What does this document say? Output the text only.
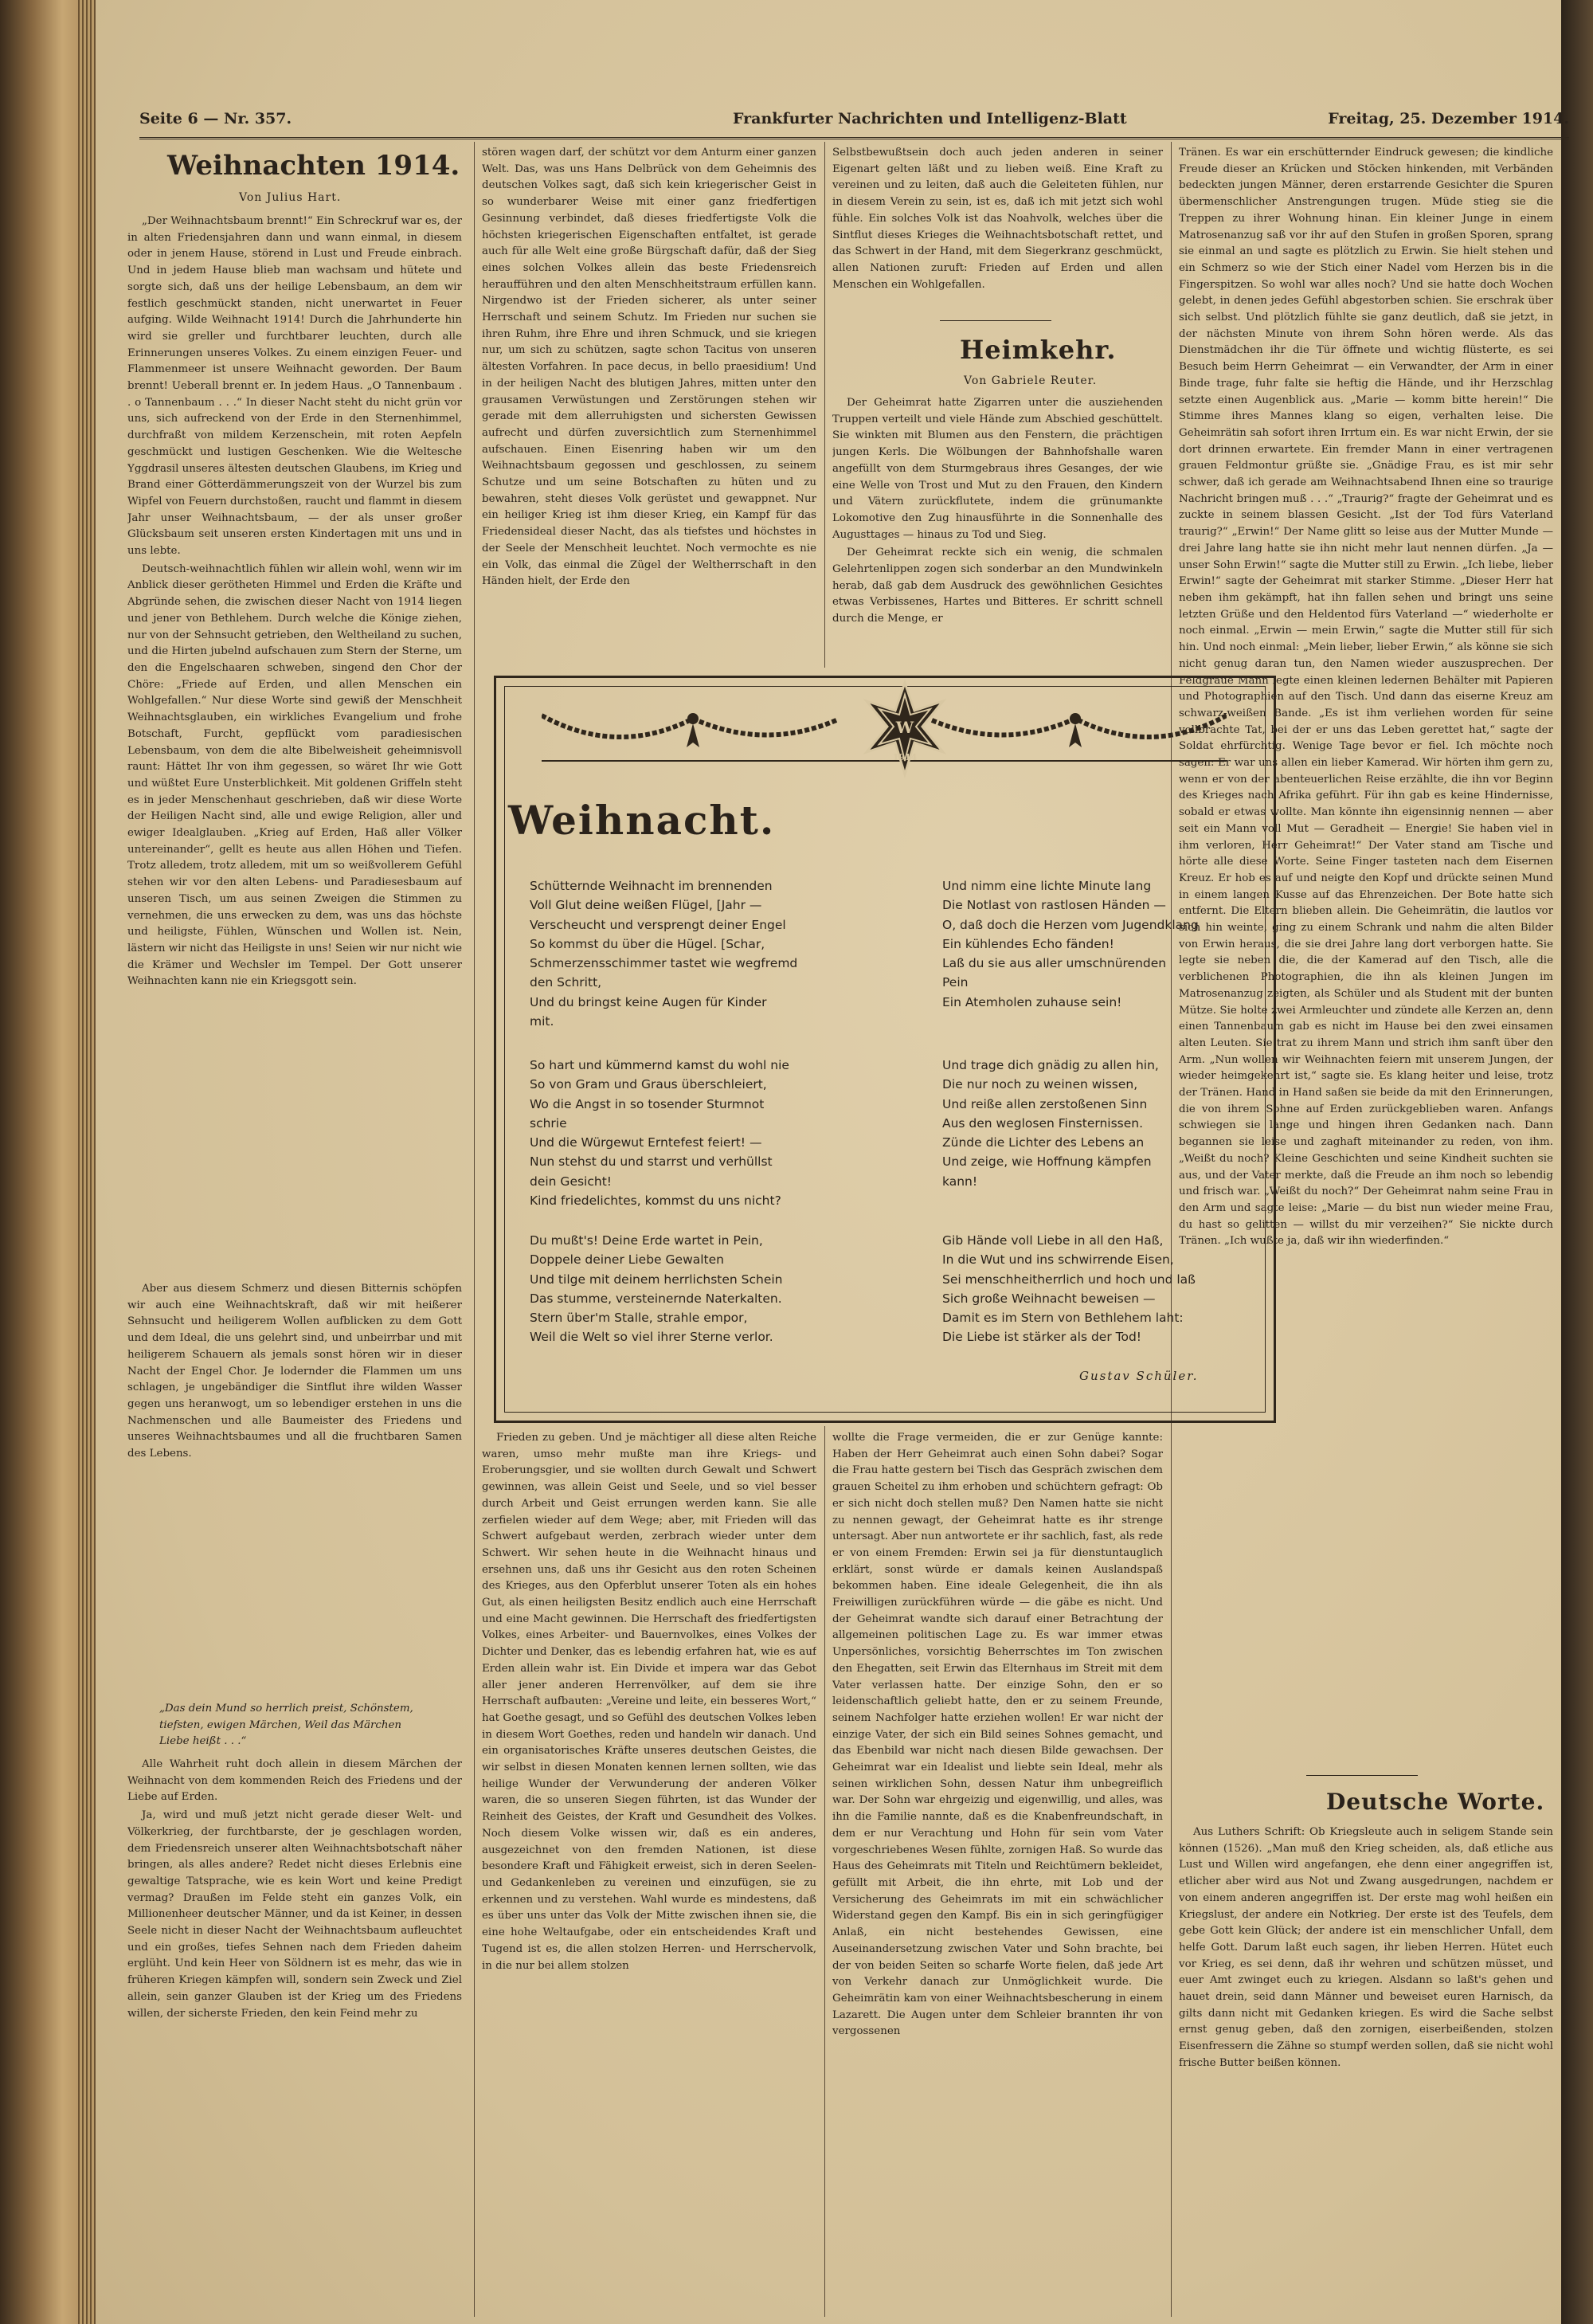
Seite 6 — Nr. 357.	Frankfurter Nachrichten und Intelligenz-Blatt	Freitag, 25. Dezember 1914.
Weihnachten 1914.
Von Julius Hart.

„Der Weihnachtsbaum brennt!“ Ein Schreckruf war es, der in alten Friedensjahren dann und wann einmal, in diesem oder in jenem Hause, störend in Lust und Freude einbrach. Und in jedem Hause blieb man wachsam und hütete und sorgte sich, daß uns der heilige Lebensbaum, an dem wir festlich geschmückt standen, nicht unerwartet in Feuer aufging. Wilde Weihnacht 1914! Durch die Jahrhunderte hin wird sie greller und furchtbarer leuchten, durch alle Erinnerungen unseres Volkes. Zu einem einzigen Feuer- und Flammenmeer ist unsere Weihnacht geworden. Der Baum brennt! Ueberall brennt er. In jedem Haus. „O Tannenbaum . . o Tannenbaum . . .“ In dieser Nacht steht du nicht grün vor uns, sich aufreckend von der Erde in den Sternenhimmel, durchfraßt von mildem Kerzenschein, mit roten Aepfeln geschmückt und lustigen Geschenken. Wie die Weltesche Yggdrasil unseres ältesten deutschen Glaubens, im Krieg und Brand einer Götterdämmerungszeit von der Wurzel bis zum Wipfel von Feuern durchstoßen, raucht und flammt in diesem Jahr unser Weihnachtsbaum, — der als unser großer Glücksbaum seit unseren ersten Kindertagen mit uns und in uns lebte.

Deutsch-weihnachtlich fühlen wir allein wohl, wenn wir im Anblick dieser gerötheten Himmel und Erden die Kräfte und Abgründe sehen, die zwischen dieser Nacht von 1914 liegen und jener von Bethlehem. Durch welche die Könige ziehen, nur von der Sehnsucht getrieben, den Weltheiland zu suchen, und die Hirten jubelnd aufschauen zum Stern der Sterne, um den die Engelschaaren schweben, singend den Chor der Chöre: „Friede auf Erden, und allen Menschen ein Wohlgefallen.“ Nur diese Worte sind gewiß der Menschheit Weihnachtsglauben, ein wirkliches Evangelium und frohe Botschaft, Furcht, gepflückt vom paradiesischen Lebensbaum, von dem die alte Bibelweisheit geheimnisvoll raunt: Hättet Ihr von ihm gegessen, so wäret Ihr wie Gott und wüßtet Eure Unsterblichkeit. Mit goldenen Griffeln steht es in jeder Menschenhaut geschrieben, daß wir diese Worte der Heiligen Nacht sind, alle und ewige Religion, aller und ewiger Idealglauben. „Krieg auf Erden, Haß aller Völker untereinander“, gellt es heute aus allen Höhen und Tiefen. Trotz alledem, trotz alledem, mit um so weißvollerem Gefühl stehen wir vor den alten Lebens- und Paradiesesbaum auf unseren Tisch, um aus seinen Zweigen die Stimmen zu vernehmen, die uns erwecken zu dem, was uns das höchste und heiligste, Fühlen, Wünschen und Wollen ist. Nein, lästern wir nicht das Heiligste in uns! Seien wir nur nicht wie die Krämer und Wechsler im Tempel. Der Gott unserer Weihnachten kann nie ein Kriegsgott sein.

Aber aus diesem Schmerz und diesen Bitternis schöpfen wir auch eine Weihnachtskraft, daß wir mit heißerer Sehnsucht und heiligerem Wollen aufblicken zu dem Gott und dem Ideal, die uns gelehrt sind, und unbeirrbar und mit heiligerem Schauern als jemals sonst hören wir in dieser Nacht der Engel Chor. Je lodernder die Flammen um uns schlagen, je ungebändiger die Sintflut ihre wilden Wasser gegen uns heranwogt, um so lebendiger erstehen in uns die Nachmenschen und alle Baumeister des Friedens und unseres Weihnachtsbaumes und all die fruchtbaren Samen des Lebens.

„Das dein Mund so herrlich preist, Schönstem, tiefsten, ewigen Märchen, Weil das Märchen Liebe heißt . . .“

Alle Wahrheit ruht doch allein in diesem Märchen der Weihnacht von dem kommenden Reich des Friedens und der Liebe auf Erden.

Ja, wird und muß jetzt nicht gerade dieser Welt- und Völkerkrieg, der furchtbarste, der je geschlagen worden, dem Friedensreich unserer alten Weihnachtsbotschaft näher bringen, als alles andere? Redet nicht dieses Erlebnis eine gewaltige Tatsprache, wie es kein Wort und keine Predigt vermag? Draußen im Felde steht ein ganzes Volk, ein Millionenheer deutscher Männer, und da ist Keiner, in dessen Seele nicht in dieser Nacht der Weihnachtsbaum aufleuchtet und ein großes, tiefes Sehnen nach dem Frieden daheim erglüht. Und kein Heer von Söldnern ist es mehr, das wie in früheren Kriegen kämpfen will, sondern sein Zweck und Ziel allein, sein ganzer Glauben ist der Krieg um des Friedens willen, der sicherste Frieden, den kein Feind mehr zu

stören wagen darf, der schützt vor dem Anturm einer ganzen Welt. Das, was uns Hans Delbrück von dem Geheimnis des deutschen Volkes sagt, daß sich kein kriegerischer Geist in so wunderbarer Weise mit einer ganz friedfertigen Gesinnung verbindet, daß dieses friedfertigste Volk die höchsten kriegerischen Eigenschaften entfaltet, ist gerade auch für alle Welt eine große Bürgschaft dafür, daß der Sieg eines solchen Volkes allein das beste Friedensreich heraufführen und den alten Menschheitstraum erfüllen kann. Nirgendwo ist der Frieden sicherer, als unter seiner Herrschaft und seinem Schutz. Im Frieden nur suchen sie ihren Ruhm, ihre Ehre und ihren Schmuck, und sie kriegen nur, um sich zu schützen, sagte schon Tacitus von unseren ältesten Vorfahren. In pace decus, in bello praesidium! Und in der heiligen Nacht des blutigen Jahres, mitten unter den grausamen Verwüstungen und Zerstörungen stehen wir gerade mit dem allerruhigsten und sichersten Gewissen aufrecht und dürfen zuversichtlich zum Sternenhimmel aufschauen. Einen Eisenring haben wir um den Weihnachtsbaum gegossen und geschlossen, zu seinem Schutze und um seine Botschaften zu hüten und zu bewahren, steht dieses Volk gerüstet und gewappnet. Nur ein heiliger Krieg ist ihm dieser Krieg, ein Kampf für das Friedensideal dieser Nacht, das als tiefstes und höchstes in der Seele der Menschheit leuchtet. Noch vermochte es nie ein Volk, das einmal die Zügel der Weltherrschaft in den Händen hielt, der Erde den

Frieden zu geben. Und je mächtiger all diese alten Reiche waren, umso mehr mußte man ihre Kriegs- und Eroberungsgier, und sie wollten durch Gewalt und Schwert gewinnen, was allein Geist und Seele, und so viel besser durch Arbeit und Geist errungen werden kann. Sie alle zerfielen wieder auf dem Wege; aber, mit Frieden will das Schwert aufgebaut werden, zerbrach wieder unter dem Schwert. Wir sehen heute in die Weihnacht hinaus und ersehnen uns, daß uns ihr Gesicht aus den roten Scheinen des Krieges, aus den Opferblut unserer Toten als ein hohes Gut, als einen heiligsten Besitz endlich auch eine Herrschaft und eine Macht gewinnen. Die Herrschaft des friedfertigsten Volkes, eines Arbeiter- und Bauernvolkes, eines Volkes der Dichter und Denker, das es lebendig erfahren hat, wie es auf Erden allein wahr ist. Ein Divide et impera war das Gebot aller jener anderen Herrenvölker, auf dem sie ihre Herrschaft aufbauten: „Vereine und leite, ein besseres Wort,“ hat Goethe gesagt, und so Gefühl des deutschen Volkes leben in diesem Wort Goethes, reden und handeln wir danach. Und ein organisatorisches Kräfte unseres deutschen Geistes, die wir selbst in diesen Monaten kennen lernen sollten, wie das heilige Wunder der Verwunderung der anderen Völker waren, die so unseren Siegen führten, ist das Wunder der Reinheit des Geistes, der Kraft und Gesundheit des Volkes. Noch diesem Volke wissen wir, daß es ein anderes, ausgezeichnet von den fremden Nationen, ist diese besondere Kraft und Fähigkeit erweist, sich in deren Seelen- und Gedankenleben zu vereinen und einzufügen, sie zu erkennen und zu verstehen. Wahl wurde es mindestens, daß es über uns unter das Volk der Mitte zwischen ihnen sie, die eine hohe Weltaufgabe, oder ein entscheidendes Kraft und Tugend ist es, die allen stolzen Herren- und Herrschervolk, in die nur bei allem stolzen

Selbstbewußtsein doch auch jeden anderen in seiner Eigenart gelten läßt und zu lieben weiß. Eine Kraft zu vereinen und zu leiten, daß auch die Geleiteten fühlen, nur in diesem Verein zu sein, ist es, daß ich mit jetzt sich wohl fühle. Ein solches Volk ist das Noahvolk, welches über die Sintflut dieses Krieges die Weihnachtsbotschaft rettet, und das Schwert in der Hand, mit dem Siegerkranz geschmückt, allen Nationen zuruft: Frieden auf Erden und allen Menschen ein Wohlgefallen.

Heimkehr.
Von Gabriele Reuter.

Der Geheimrat hatte Zigarren unter die ausziehenden Truppen verteilt und viele Hände zum Abschied geschüttelt. Sie winkten mit Blumen aus den Fenstern, die prächtigen jungen Kerls. Die Wölbungen der Bahnhofshalle waren angefüllt von dem Sturmgebraus ihres Gesanges, der wie eine Welle von Trost und Mut zu den Frauen, den Kindern und Vätern zurückflutete, indem die grünumankte Lokomotive den Zug hinausführte in die Sonnenhalle des Augusttages — hinaus zu Tod und Sieg.

Der Geheimrat reckte sich ein wenig, die schmalen Gelehrtenlippen zogen sich sonderbar an den Mundwinkeln herab, daß gab dem Ausdruck des gewöhnlichen Gesichtes etwas Verbissenes, Hartes und Bitteres. Er schritt schnell durch die Menge, er

wollte die Frage vermeiden, die er zur Genüge kannte: Haben der Herr Geheimrat auch einen Sohn dabei? Sogar die Frau hatte gestern bei Tisch das Gespräch zwischen dem grauen Scheitel zu ihm erhoben und schüchtern gefragt: Ob er sich nicht doch stellen muß? Den Namen hatte sie nicht zu nennen gewagt, der Geheimrat hatte es ihr strenge untersagt. Aber nun antwortete er ihr sachlich, fast, als rede er von einem Fremden: Erwin sei ja für dienstuntauglich erklärt, sonst würde er damals keinen Auslandspaß bekommen haben. Eine ideale Gelegenheit, die ihn als Freiwilligen zurückführen würde — die gäbe es nicht. Und der Geheimrat wandte sich darauf einer Betrachtung der allgemeinen politischen Lage zu. Es war immer etwas Unpersönliches, vorsichtig Beherrschtes im Ton zwischen den Ehegatten, seit Erwin das Elternhaus im Streit mit dem Vater verlassen hatte. Der einzige Sohn, den er so leidenschaftlich geliebt hatte, den er zu seinem Freunde, seinem Nachfolger hatte erziehen wollen! Er war nicht der einzige Vater, der sich ein Bild seines Sohnes gemacht, und das Ebenbild war nicht nach diesen Bilde gewachsen. Der Geheimrat war ein Idealist und liebte sein Ideal, mehr als seinen wirklichen Sohn, dessen Natur ihm unbegreiflich war. Der Sohn war ehrgeizig und eigenwillig, und alles, was ihn die Familie nannte, daß es die Knabenfreundschaft, in dem er nur Verachtung und Hohn für sein vom Vater vorgeschriebenes Wesen fühlte, zornigen Haß. So wurde das Haus des Geheimrats mit Titeln und Reichtümern bekleidet, gefüllt mit Arbeit, die ihn ehrte, mit Lob und der Versicherung des Geheimrats im mit ein schwächlicher Widerstand gegen den Kampf. Bis ein in sich geringfügiger Anlaß, ein nicht bestehendes Gewissen, eine Auseinandersetzung zwischen Vater und Sohn brachte, bei der von beiden Seiten so scharfe Worte fielen, daß jede Art von Verkehr danach zur Unmöglichkeit wurde. Die Geheimrätin kam von einer Weihnachtsbescherung in einem Lazarett. Die Augen unter dem Schleier brannten ihr von vergossenen

Tränen. Es war ein erschütternder Eindruck gewesen; die kindliche Freude dieser an Krücken und Stöcken hinkenden, mit Verbänden bedeckten jungen Männer, deren erstarrende Gesichter die Spuren übermenschlicher Anstrengungen trugen. Müde stieg sie die Treppen zu ihrer Wohnung hinan. Ein kleiner Junge in einem Matrosenanzug saß vor ihr auf den Stufen in großen Sporen, sprang sie einmal an und sagte es plötzlich zu Erwin. Sie hielt stehen und ein Schmerz so wie der Stich einer Nadel vom Herzen bis in die Fingerspitzen. So wohl war alles noch? Und sie hatte doch Wochen gelebt, in denen jedes Gefühl abgestorben schien. Sie erschrak über sich selbst. Und plötzlich fühlte sie ganz deutlich, daß sie jetzt, in der nächsten Minute von ihrem Sohn hören werde. Als das Dienstmädchen ihr die Tür öffnete und wichtig flüsterte, es sei Besuch beim Herrn Geheimrat — ein Verwandter, der Arm in einer Binde trage, fuhr falte sie heftig die Hände, und ihr Herzschlag setzte einen Augenblick aus. „Marie — komm bitte herein!“ Die Stimme ihres Mannes klang so eigen, verhalten leise. Die Geheimrätin sah sofort ihren Irrtum ein. Es war nicht Erwin, der sie dort drinnen erwartete. Ein fremder Mann in einer vertragenen grauen Feldmontur grüßte sie. „Gnädige Frau, es ist mir sehr schwer, daß ich gerade am Weihnachtsabend Ihnen eine so traurige Nachricht bringen muß . . .“ „Traurig?“ fragte der Geheimrat und es zuckte in seinem blassen Gesicht. „Ist der Tod fürs Vaterland traurig?“ „Erwin!“ Der Name glitt so leise aus der Mutter Munde — drei Jahre lang hatte sie ihn nicht mehr laut nennen dürfen. „Ja — unser Sohn Erwin!“ sagte die Mutter still zu Erwin. „Ich liebe, lieber Erwin!“ sagte der Geheimrat mit starker Stimme. „Dieser Herr hat neben ihm gekämpft, hat ihn fallen sehen und bringt uns seine letzten Grüße und den Heldentod fürs Vaterland —“ wiederholte er noch einmal. „Erwin — mein Erwin,“ sagte die Mutter still für sich hin. Und noch einmal: „Mein lieber, lieber Erwin,“ als könne sie sich nicht genug daran tun, den Namen wieder auszusprechen. Der Feldgraue Mann legte einen kleinen ledernen Behälter mit Papieren und Photographien auf den Tisch. Und dann das eiserne Kreuz am schwarz-weißen Bande. „Es ist ihm verliehen worden für seine vollbrachte Tat, bei der er uns das Leben gerettet hat,“ sagte der Soldat ehrfürchtig. Wenige Tage bevor er fiel. Ich möchte noch sagen: Er war uns allen ein lieber Kamerad. Wir hörten ihm gern zu, wenn er von der abenteuerlichen Reise erzählte, die ihn vor Beginn des Krieges nach Afrika geführt. Für ihn gab es keine Hindernisse, sobald er etwas wollte. Man könnte ihn eigensinnig nennen — aber seit ein Mann voll Mut — Geradheit — Energie! Sie haben viel in ihm verloren, Herr Geheimrat!“ Der Vater stand am Tische und hörte alle diese Worte. Seine Finger tasteten nach dem Eisernen Kreuz. Er hob es auf und neigte den Kopf und drückte seinen Mund in einem langen Kusse auf das Ehrenzeichen. Der Bote hatte sich entfernt. Die Eltern blieben allein. Die Geheimrätin, die lautlos vor sich hin weinte, ging zu einem Schrank und nahm die alten Bilder von Erwin heraus, die sie drei Jahre lang dort verborgen hatte. Sie legte sie neben die, die der Kamerad auf den Tisch, alle die verblichenen Photographien, die ihn als kleinen Jungen im Matrosenanzug zeigten, als Schüler und als Student mit der bunten Mütze. Sie holte zwei Armleuchter und zündete alle Kerzen an, denn einen Tannenbaum gab es nicht im Hause bei den zwei einsamen alten Leuten. Sie trat zu ihrem Mann und strich ihm sanft über den Arm. „Nun wollen wir Weihnachten feiern mit unserem Jungen, der wieder heimgekehrt ist,“ sagte sie. Es klang heiter und leise, trotz der Tränen. Hand in Hand saßen sie beide da mit den Erinnerungen, die von ihrem Sohne auf Erden zurückgeblieben waren. Anfangs schwiegen sie lange und hingen ihren Gedanken nach. Dann begannen sie leise und zaghaft miteinander zu reden, von ihm. „Weißt du noch? Kleine Geschichten und seine Kindheit suchten sie aus, und der Vater merkte, daß die Freude an ihm noch so lebendig und frisch war. „Weißt du noch?“ Der Geheimrat nahm seine Frau in den Arm und sagte leise: „Marie — du bist nun wieder meine Frau, du hast so gelitten — willst du mir verzeihen?“ Sie nickte durch Tränen. „Ich wußte ja, daß wir ihn wiederfinden.“

Deutsche Worte.

Aus Luthers Schrift: Ob Kriegsleute auch in seligem Stande sein können (1526). „Man muß den Krieg scheiden, als, daß etliche aus Lust und Willen wird angefangen, ehe denn einer angegriffen ist, etlicher aber wird aus Not und Zwang ausgedrungen, nachdem er von einem anderen angegriffen ist. Der erste mag wohl heißen ein Kriegslust, der andere ein Notkrieg. Der erste ist des Teufels, dem gebe Gott kein Glück; der andere ist ein menschlicher Unfall, dem helfe Gott. Darum laßt euch sagen, ihr lieben Herren. Hütet euch vor Krieg, es sei denn, daß ihr wehren und schützen müsset, und euer Amt zwinget euch zu kriegen. Alsdann so laßt's gehen und hauet drein, seid dann Männer und beweiset euren Harnisch, da gilts dann nicht mit Gedanken kriegen. Es wird die Sache selbst ernst genug geben, daß den zornigen, eiserbeißenden, stolzen Eisenfressern die Zähne so stumpf werden sollen, daß sie nicht wohl frische Butter beißen können.

W
1914
Weihnacht.
Schütternde Weihnacht im brennenden
Voll Glut deine weißen Flügel, [Jahr —
Verscheucht und versprengt deiner Engel
So kommst du über die Hügel. [Schar,
Schmerzensschimmer tastet wie wegfremd
den Schritt,
Und du bringst keine Augen für Kinder
mit.
So hart und kümmernd kamst du wohl nie
So von Gram und Graus überschleiert,
Wo die Angst in so tosender Sturmnot
schrie
Und die Würgewut Erntefest feiert! —
Nun stehst du und starrst und verhüllst
dein Gesicht!
Kind friedelichtes, kommst du uns nicht?
Du mußt's! Deine Erde wartet in Pein,
Doppele deiner Liebe Gewalten
Und tilge mit deinem herrlichsten Schein
Das stumme, versteinernde Naterkalten.
Stern über'm Stalle, strahle empor,
Weil die Welt so viel ihrer Sterne verlor.
Und nimm eine lichte Minute lang
Die Notlast von rastlosen Händen —
O, daß doch die Herzen vom Jugendklang
Ein kühlendes Echo fänden!
Laß du sie aus aller umschnürenden
Pein
Ein Atemholen zuhause sein!
Und trage dich gnädig zu allen hin,
Die nur noch zu weinen wissen,
Und reiße allen zerstoßenen Sinn
Aus den weglosen Finsternissen.
Zünde die Lichter des Lebens an
Und zeige, wie Hoffnung kämpfen
kann!
Gib Hände voll Liebe in all den Haß,
In die Wut und ins schwirrende Eisen,
Sei menschheitherrlich und hoch und laß
Sich große Weihnacht beweisen —
Damit es im Stern von Bethlehem laht:
Die Liebe ist stärker als der Tod!
Gustav Schüler.
